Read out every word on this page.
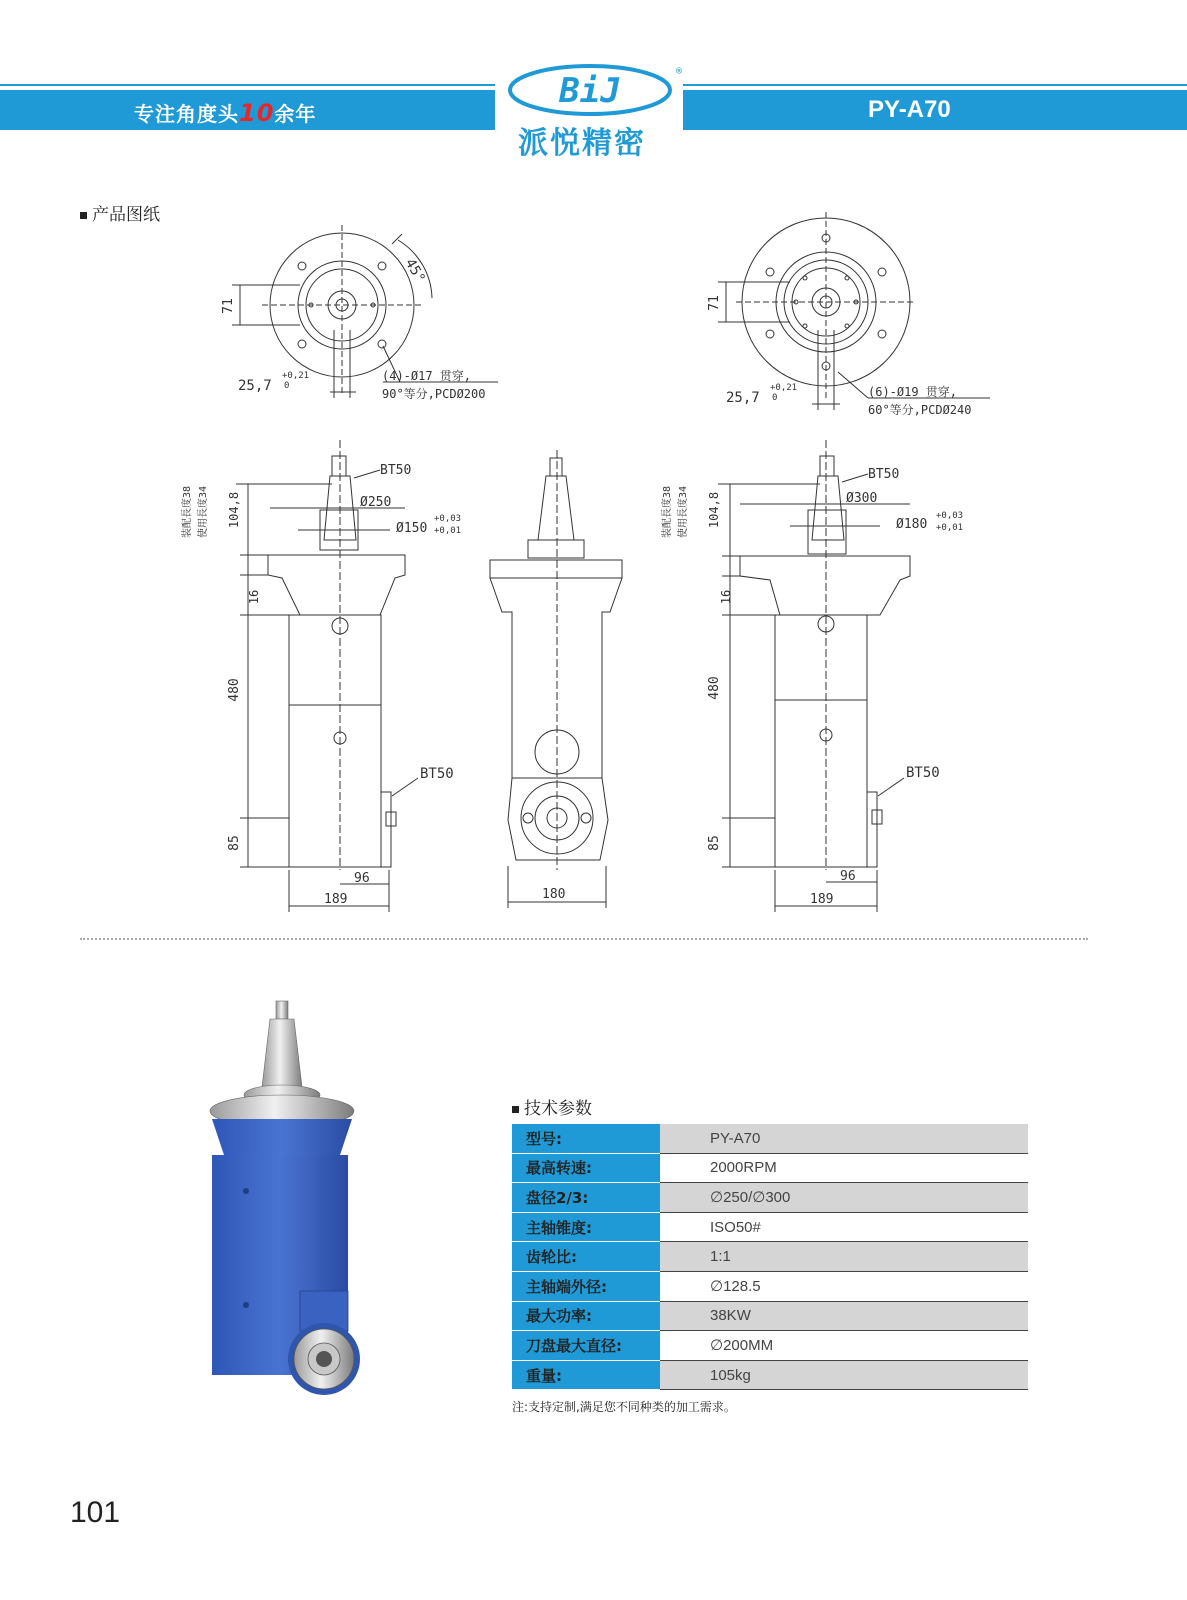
专注角度头10余年	PY-A70
BiJ	®
派悦精密
产品图纸
71
45°
25,7
+0,21
0
(4)-Ø17 贯穿,
90°等分,PCDØ200
71
25,7
+0,21
0	(6)-Ø19 贯穿,
60°等分,PCDØ240
BT50
Ø250
Ø150
+0,03
+0,01
装配長度38 使用長度34 104,8
16
480
85
BT50
96
189	180
BT50
Ø300
Ø180
+0,03
+0,01
装配長度38 使用長度34 104,8
16
480
85
BT50
96
189
技术参数
型号:	PY-A70
最高转速:	2000RPM
盘径2/3:	∅250/∅300
主轴锥度:	ISO50#
齿轮比:	1:1
主轴端外径:	∅128.5
最大功率:	38KW
刀盘最大直径:	∅200MM
重量:	105kg
注:支持定制,满足您不同种类的加工需求。
101
